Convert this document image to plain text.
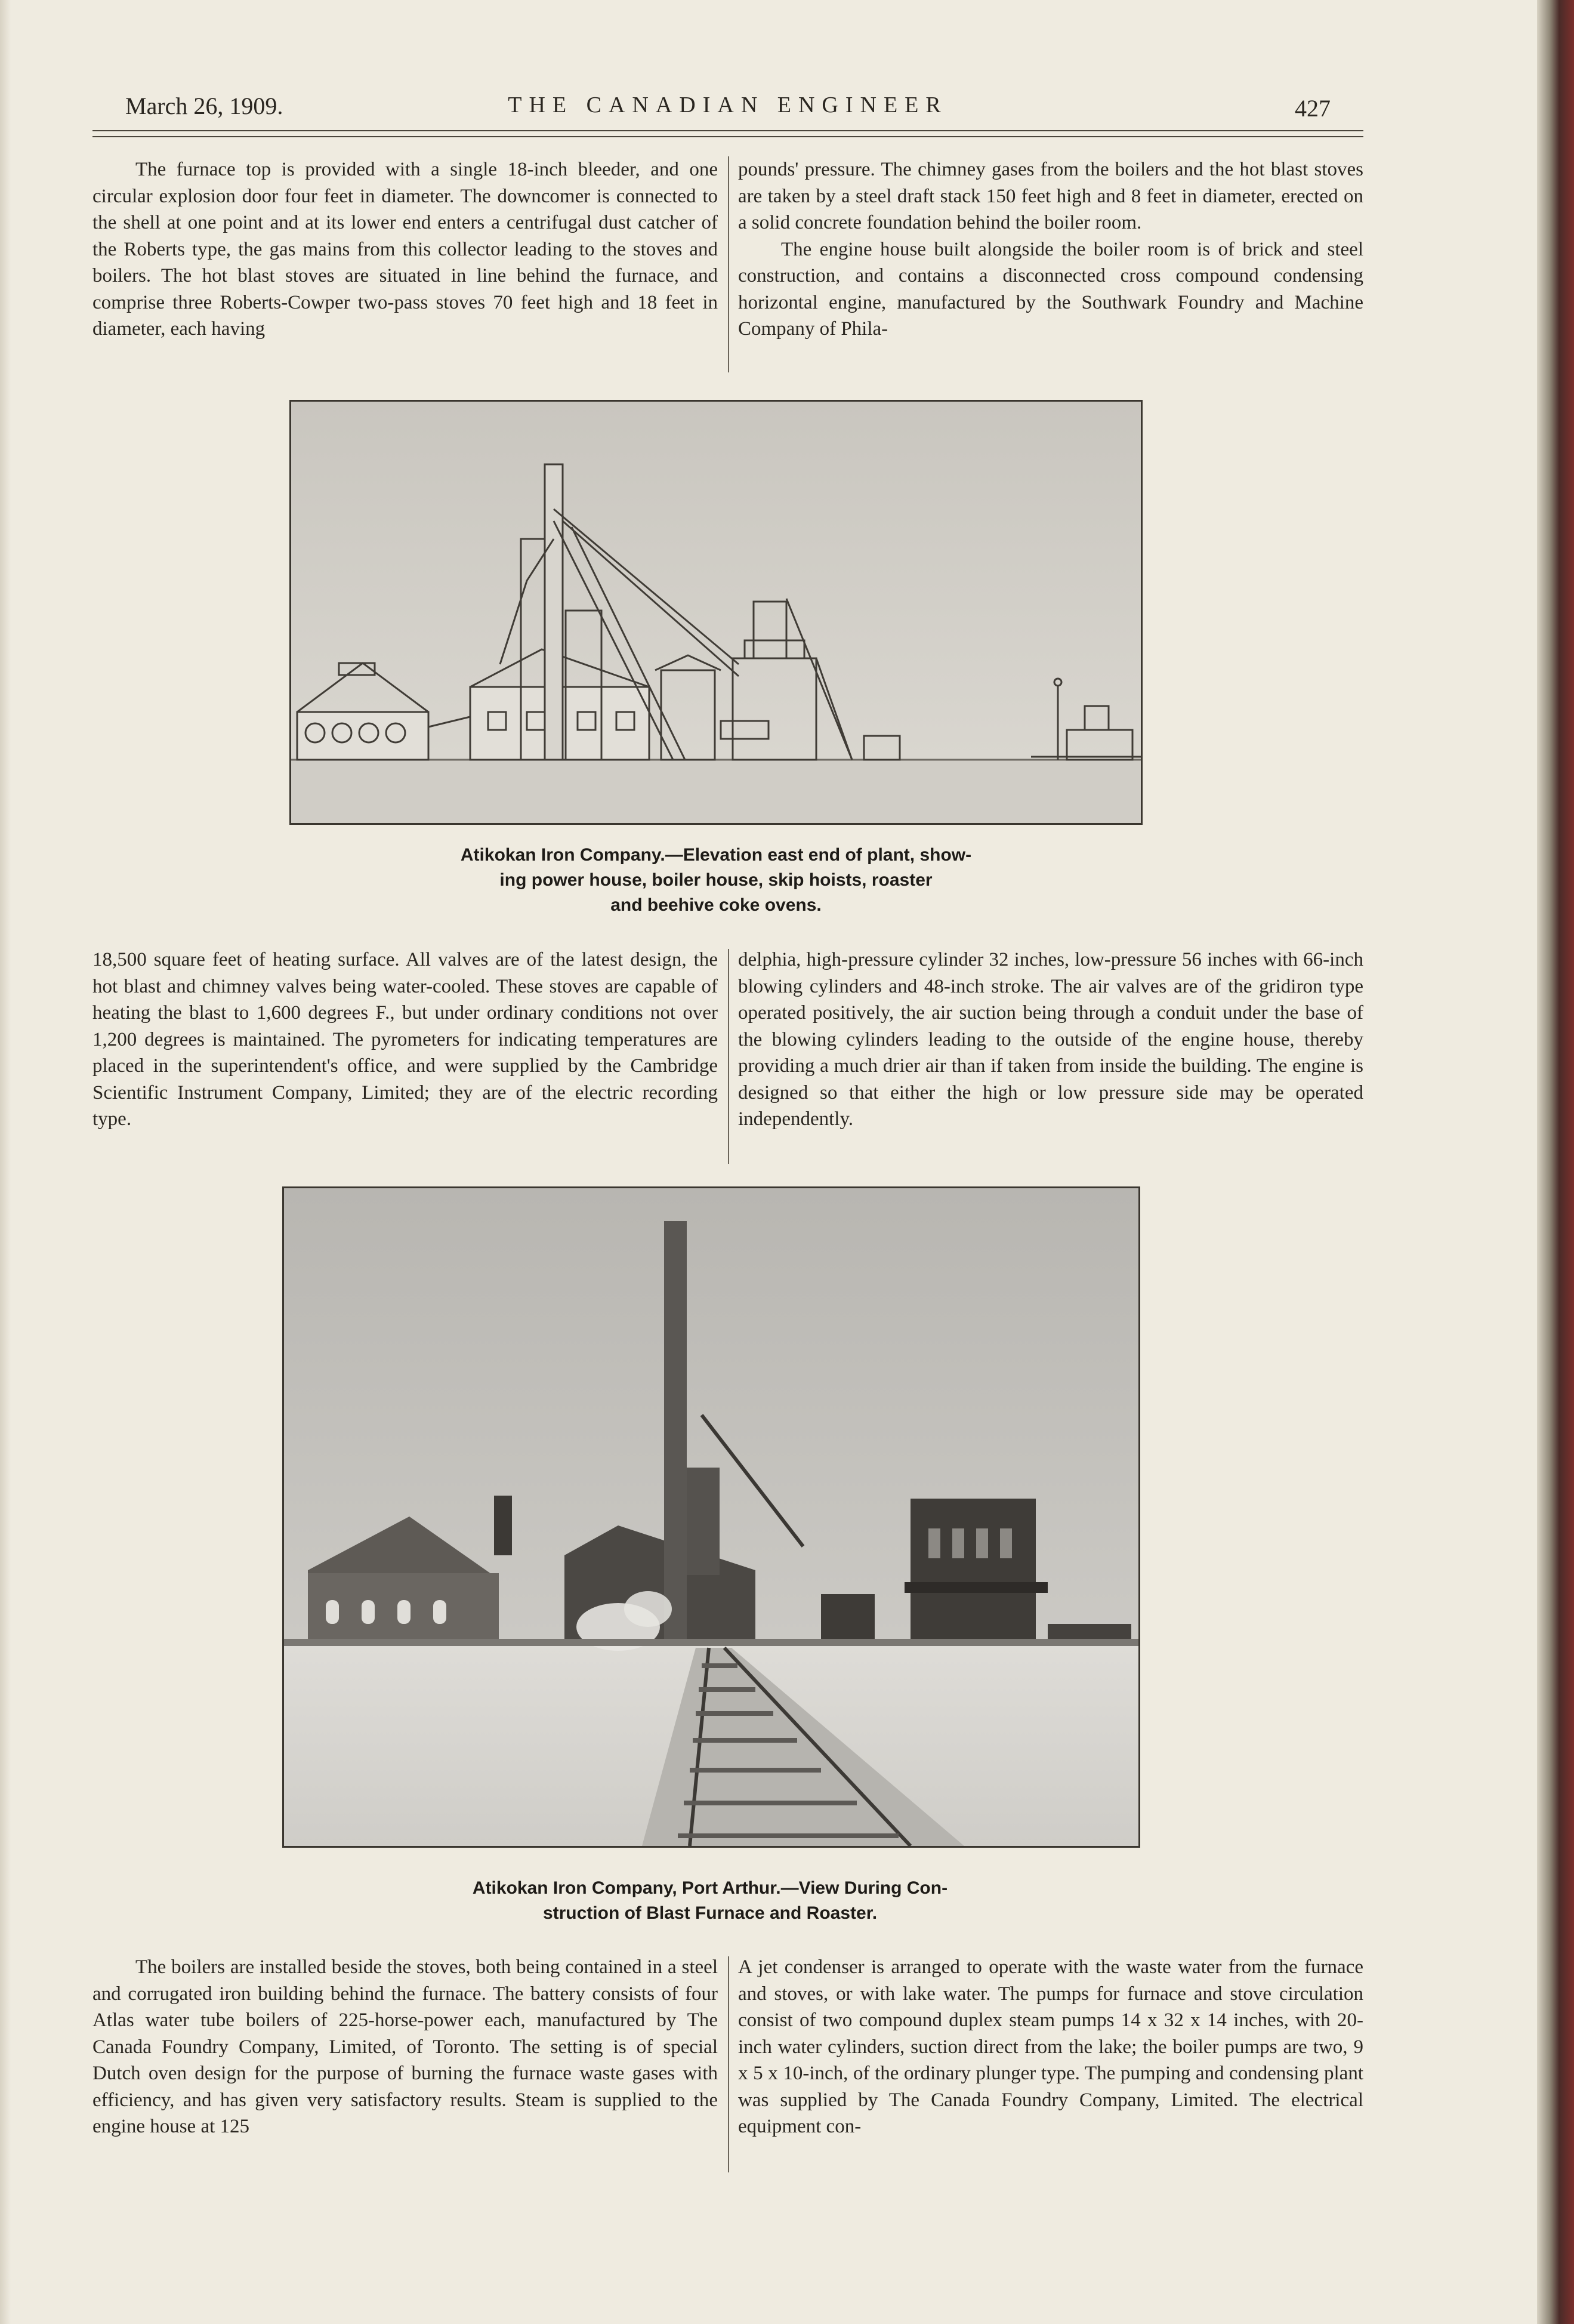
March 26, 1909.	THE CANADIAN ENGINEER	427

The furnace top is provided with a single 18-inch bleeder, and one circular explosion door four feet in diameter. The downcomer is connected to the shell at one point and at its lower end enters a centrifugal dust catcher of the Roberts type, the gas mains from this collector leading to the stoves and boilers. The hot blast stoves are situated in line behind the furnace, and comprise three Roberts-Cowper two-pass stoves 70 feet high and 18 feet in diameter, each having

pounds' pressure. The chimney gases from the boilers and the hot blast stoves are taken by a steel draft stack 150 feet high and 8 feet in diameter, erected on a solid concrete foundation behind the boiler room.

The engine house built alongside the boiler room is of brick and steel construction, and contains a disconnected cross compound condensing horizontal engine, manufactured by the Southwark Foundry and Machine Company of Phila-

Atikokan Iron Company.—Elevation east end of plant, show-
ing power house, boiler house, skip hoists, roaster
and beehive coke ovens.

18,500 square feet of heating surface. All valves are of the latest design, the hot blast and chimney valves being water-cooled. These stoves are capable of heating the blast to 1,600 degrees F., but under ordinary conditions not over 1,200 degrees is maintained. The pyrometers for indicating temperatures are placed in the superintendent's office, and were supplied by the Cambridge Scientific Instrument Company, Limited; they are of the electric recording type.

delphia, high-pressure cylinder 32 inches, low-pressure 56 inches with 66-inch blowing cylinders and 48-inch stroke. The air valves are of the gridiron type operated positively, the air suction being through a conduit under the base of the blowing cylinders leading to the outside of the engine house, thereby providing a much drier air than if taken from inside the building. The engine is designed so that either the high or low pressure side may be operated independently.

Atikokan Iron Company, Port Arthur.—View During Con-
struction of Blast Furnace and Roaster.

The boilers are installed beside the stoves, both being contained in a steel and corrugated iron building behind the furnace. The battery consists of four Atlas water tube boilers of 225-horse-power each, manufactured by The Canada Foundry Company, Limited, of Toronto. The setting is of special Dutch oven design for the purpose of burning the furnace waste gases with efficiency, and has given very satisfactory results. Steam is supplied to the engine house at 125

A jet condenser is arranged to operate with the waste water from the furnace and stoves, or with lake water. The pumps for furnace and stove circulation consist of two compound duplex steam pumps 14 x 32 x 14 inches, with 20-inch water cylinders, suction direct from the lake; the boiler pumps are two, 9 x 5 x 10-inch, of the ordinary plunger type. The pumping and condensing plant was supplied by The Canada Foundry Company, Limited. The electrical equipment con-
